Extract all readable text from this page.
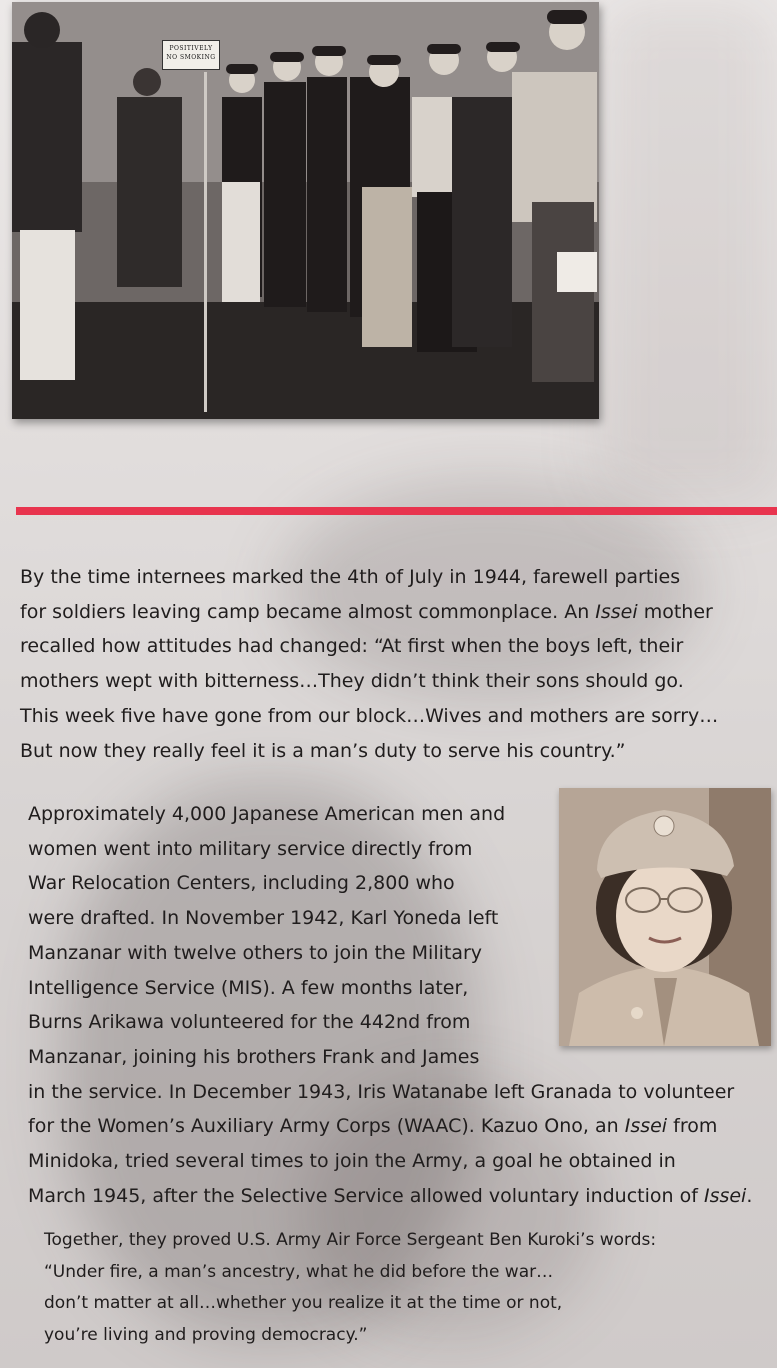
POSITIVELY
NO SMOKING

By the time internees marked the 4th of July in 1944, farewell parties
for soldiers leaving camp became almost commonplace. An Issei mother
recalled how attitudes had changed: “At first when the boys left, their
mothers wept with bitterness…They didn’t think their sons should go.
This week five have gone from our block…Wives and mothers are sorry…
But now they really feel it is a man’s duty to serve his country.”

Approximately 4,000 Japanese American men and
women went into military service directly from
War Relocation Centers, including 2,800 who
were drafted. In November 1942, Karl Yoneda left
Manzanar with twelve others to join the Military
Intelligence Service (MIS). A few months later,
Burns Arikawa volunteered for the 442nd from
Manzanar, joining his brothers Frank and James
in the service. In December 1943, Iris Watanabe left Granada to volunteer
for the Women’s Auxiliary Army Corps (WAAC). Kazuo Ono, an Issei from
Minidoka, tried several times to join the Army, a goal he obtained in
March 1945, after the Selective Service allowed voluntary induction of Issei.

Together, they proved U.S. Army Air Force Sergeant Ben Kuroki’s words:
“Under fire, a man’s ancestry, what he did before the war…
don’t matter at all…whether you realize it at the time or not,
you’re living and proving democracy.”
